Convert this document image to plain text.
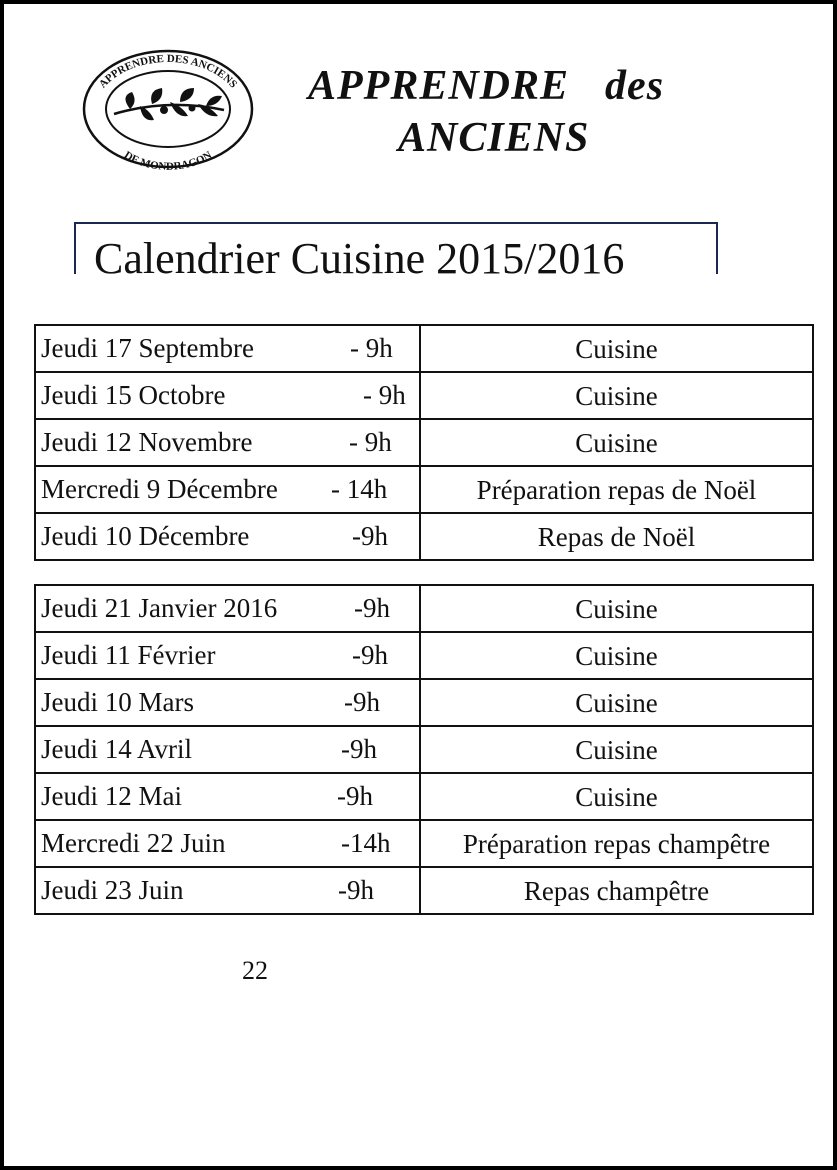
APPRENDRE DES ANCIENS
DE MONDRAGON
APPRENDRE des
ANCIENS
Calendrier Cuisine 2015/2016
Jeudi 17 Septembre - 9h	Cuisine

Jeudi 15 Octobre - 9h	Cuisine

Jeudi 12 Novembre - 9h	Cuisine

Mercredi 9 Décembre - 14h	Préparation repas de Noël

Jeudi 10 Décembre -9h	Repas de Noël
Jeudi 21 Janvier 2016 -9h	Cuisine

Jeudi 11 Février -9h	Cuisine

Jeudi 10 Mars -9h	Cuisine

Jeudi 14 Avril -9h	Cuisine

Jeudi 12 Mai -9h	Cuisine

Mercredi 22 Juin -14h	Préparation repas champêtre

Jeudi 23 Juin -9h	Repas champêtre
22
